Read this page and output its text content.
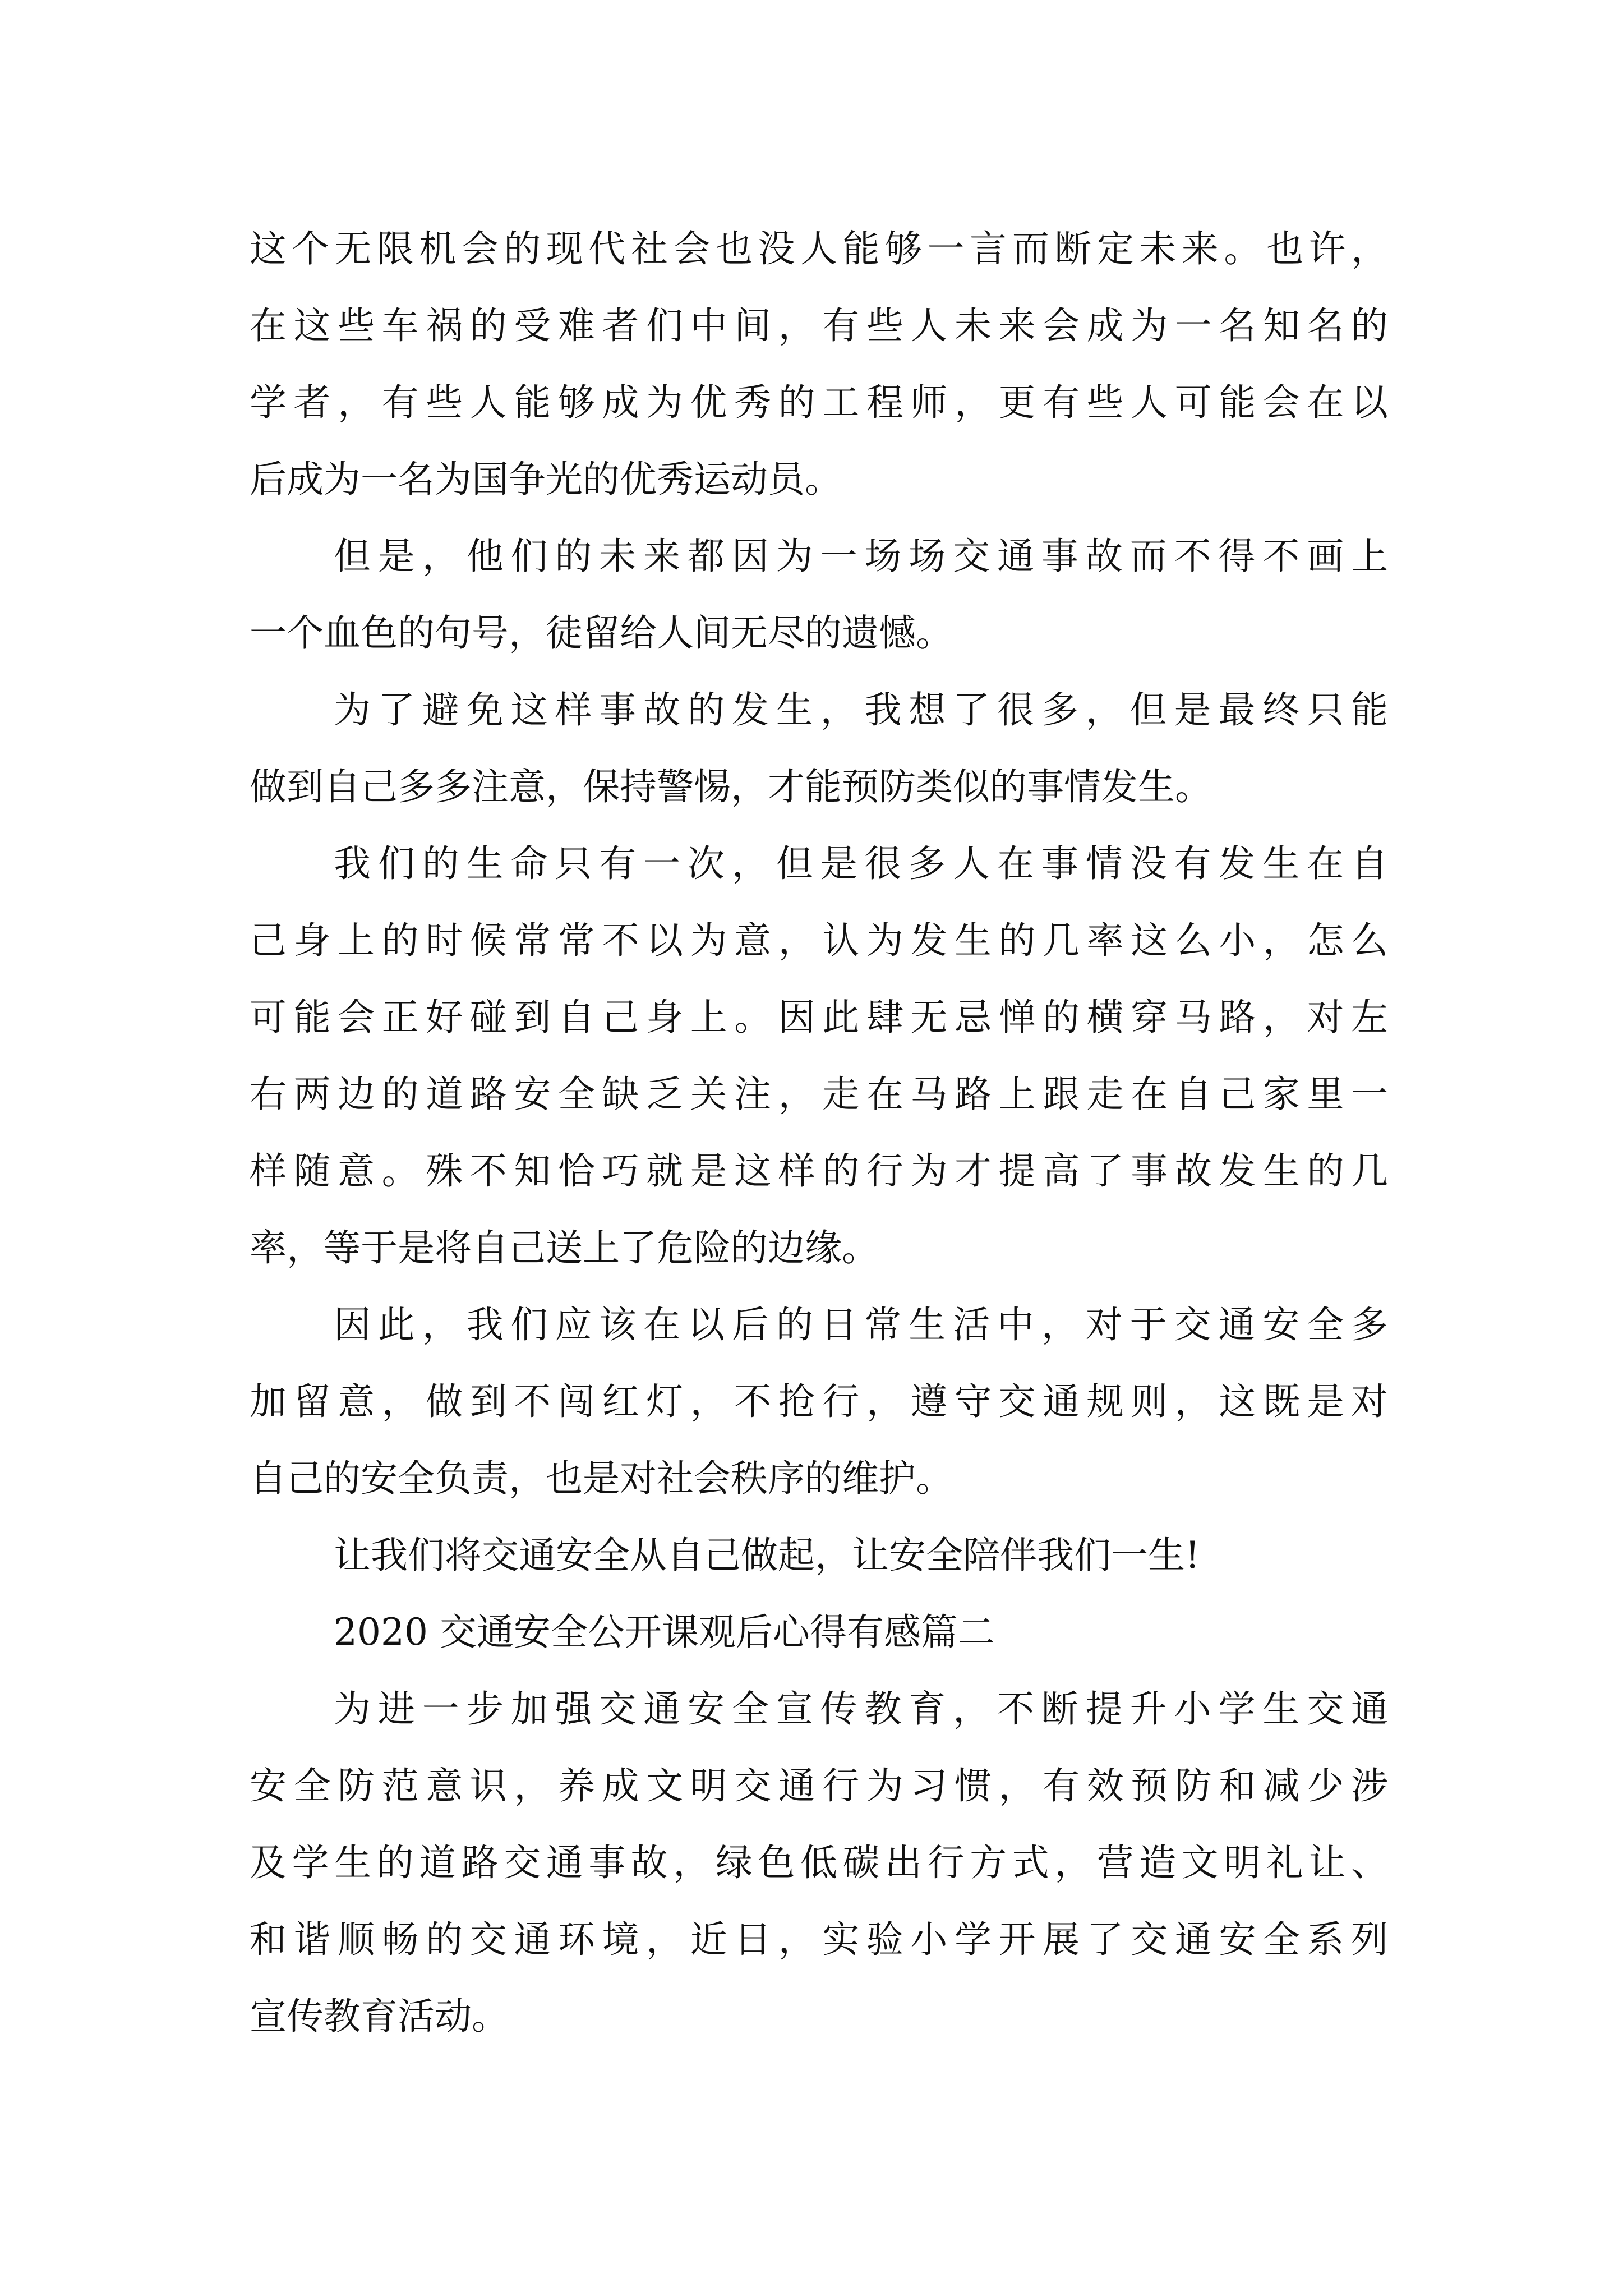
这个无限机会的现代社会也没人能够一言而断定未来。也许，
在这些车祸的受难者们中间，有些人未来会成为一名知名的
学者，有些人能够成为优秀的工程师，更有些人可能会在以
后成为一名为国争光的优秀运动员。
但是，他们的未来都因为一场场交通事故而不得不画上
一个血色的句号，徒留给人间无尽的遗憾。
为了避免这样事故的发生，我想了很多，但是最终只能
做到自己多多注意，保持警惕，才能预防类似的事情发生。
我们的生命只有一次，但是很多人在事情没有发生在自
己身上的时候常常不以为意，认为发生的几率这么小，怎么
可能会正好碰到自己身上。因此肆无忌惮的横穿马路，对左
右两边的道路安全缺乏关注，走在马路上跟走在自己家里一
样随意。殊不知恰巧就是这样的行为才提高了事故发生的几
率，等于是将自己送上了危险的边缘。
因此，我们应该在以后的日常生活中，对于交通安全多
加留意，做到不闯红灯，不抢行，遵守交通规则，这既是对
自己的安全负责，也是对社会秩序的维护。
让我们将交通安全从自己做起，让安全陪伴我们一生!
2020 交通安全公开课观后心得有感篇二
为进一步加强交通安全宣传教育，不断提升小学生交通
安全防范意识，养成文明交通行为习惯，有效预防和减少涉
及学生的道路交通事故，绿色低碳出行方式，营造文明礼让、
和谐顺畅的交通环境，近日，实验小学开展了交通安全系列
宣传教育活动。
